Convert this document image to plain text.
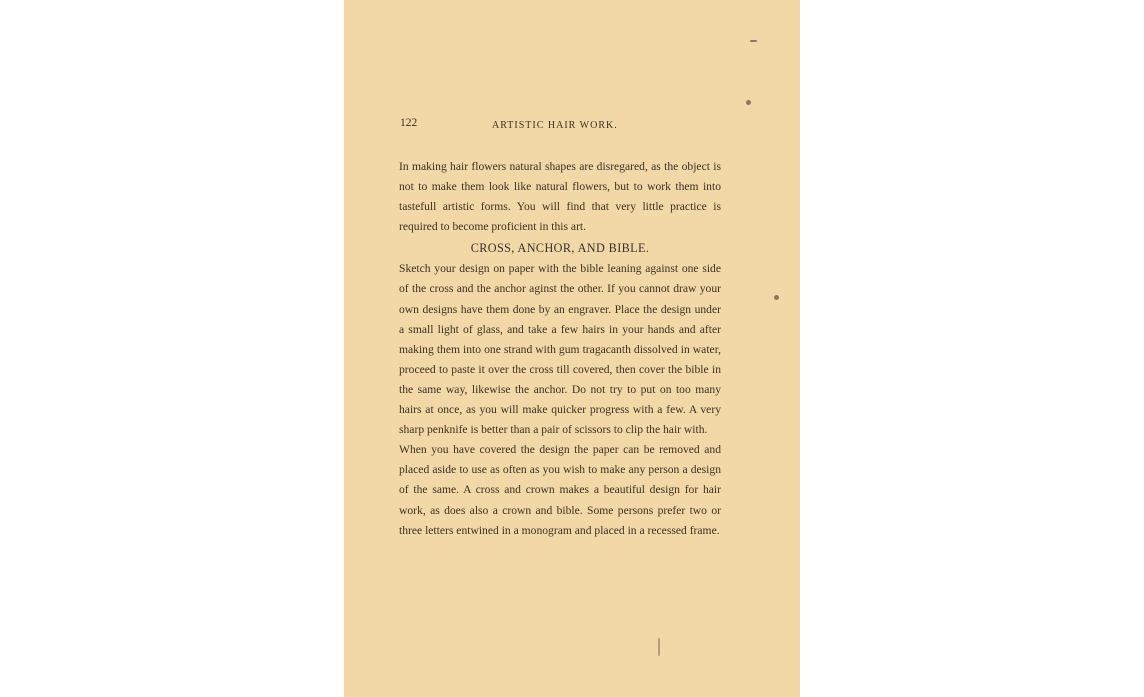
122	ARTISTIC HAIR WORK.

In making hair flowers natural shapes are disregared, as the object is not to make them look like natural flowers, but to work them into tastefull artistic forms. You will find that very little practice is required to become proficient in this art.

CROSS, ANCHOR, AND BIBLE.

Sketch your design on paper with the bible leaning against one side of the cross and the anchor aginst the other. If you cannot draw your own designs have them done by an engraver. Place the design under a small light of glass, and take a few hairs in your hands and after making them into one strand with gum tragacanth dissolved in water, proceed to paste it over the cross till covered, then cover the bible in the same way, likewise the anchor. Do not try to put on too many hairs at once, as you will make quicker progress with a few. A very sharp penknife is better than a pair of scissors to clip the hair with.

When you have covered the design the paper can be removed and placed aside to use as often as you wish to make any person a design of the same. A cross and crown makes a beautiful design for hair work, as does also a crown and bible. Some persons prefer two or three letters entwined in a monogram and placed in a recessed frame.
